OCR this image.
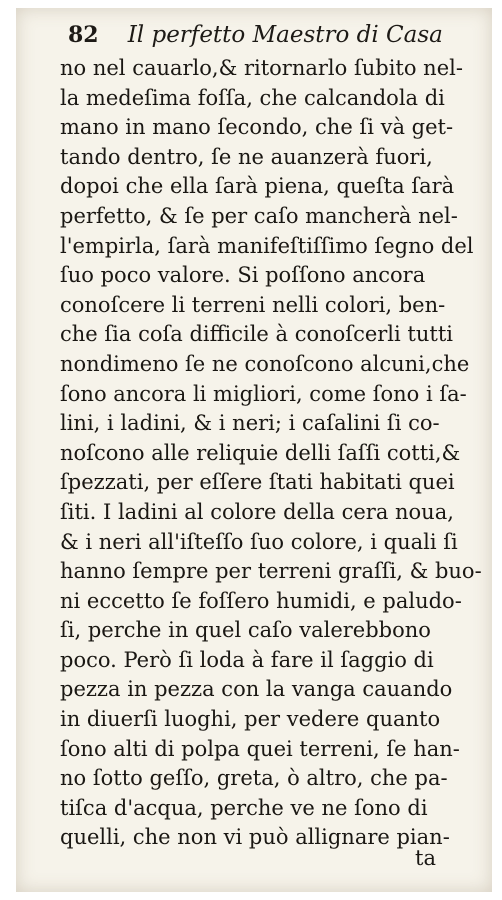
82 Il perfetto Maestro di Casa
no nel cauarlo,& ritornarlo ſubito nel-
la medeſima foſſa, che calcandola di
mano in mano ſecondo, che ſi và get-
tando dentro, ſe ne auanzerà fuori,
dopoi che ella ſarà piena, queſta ſarà
perfetto, & ſe per caſo mancherà nel-
l'empirla, ſarà manifeſtiſſimo ſegno del
ſuo poco valore. Si poſſono ancora
conoſcere li terreni nelli colori, ben-
che ſia coſa difficile à conoſcerli tutti
nondimeno ſe ne conoſcono alcuni,che
ſono ancora li migliori, come ſono i ſa-
lini, i ladini, & i neri; i caſalini ſi co-
noſcono alle reliquie delli ſaſſi cotti,&
ſpezzati, per eſſere ſtati habitati quei
ſiti. I ladini al colore della cera noua,
& i neri all'iſteſſo ſuo colore, i quali ſi
hanno ſempre per terreni graſſi, & buo-
ni eccetto ſe foſſero humidi, e paludo-
ſi, perche in quel caſo valerebbono
poco. Però ſi loda à fare il ſaggio di
pezza in pezza con la vanga cauando
in diuerſi luoghi, per vedere quanto
ſono alti di polpa quei terreni, ſe han-
no ſotto geſſo, greta, ò altro, che pa-
tiſca d'acqua, perche ve ne ſono di
quelli, che non vi può allignare pian-
ta
